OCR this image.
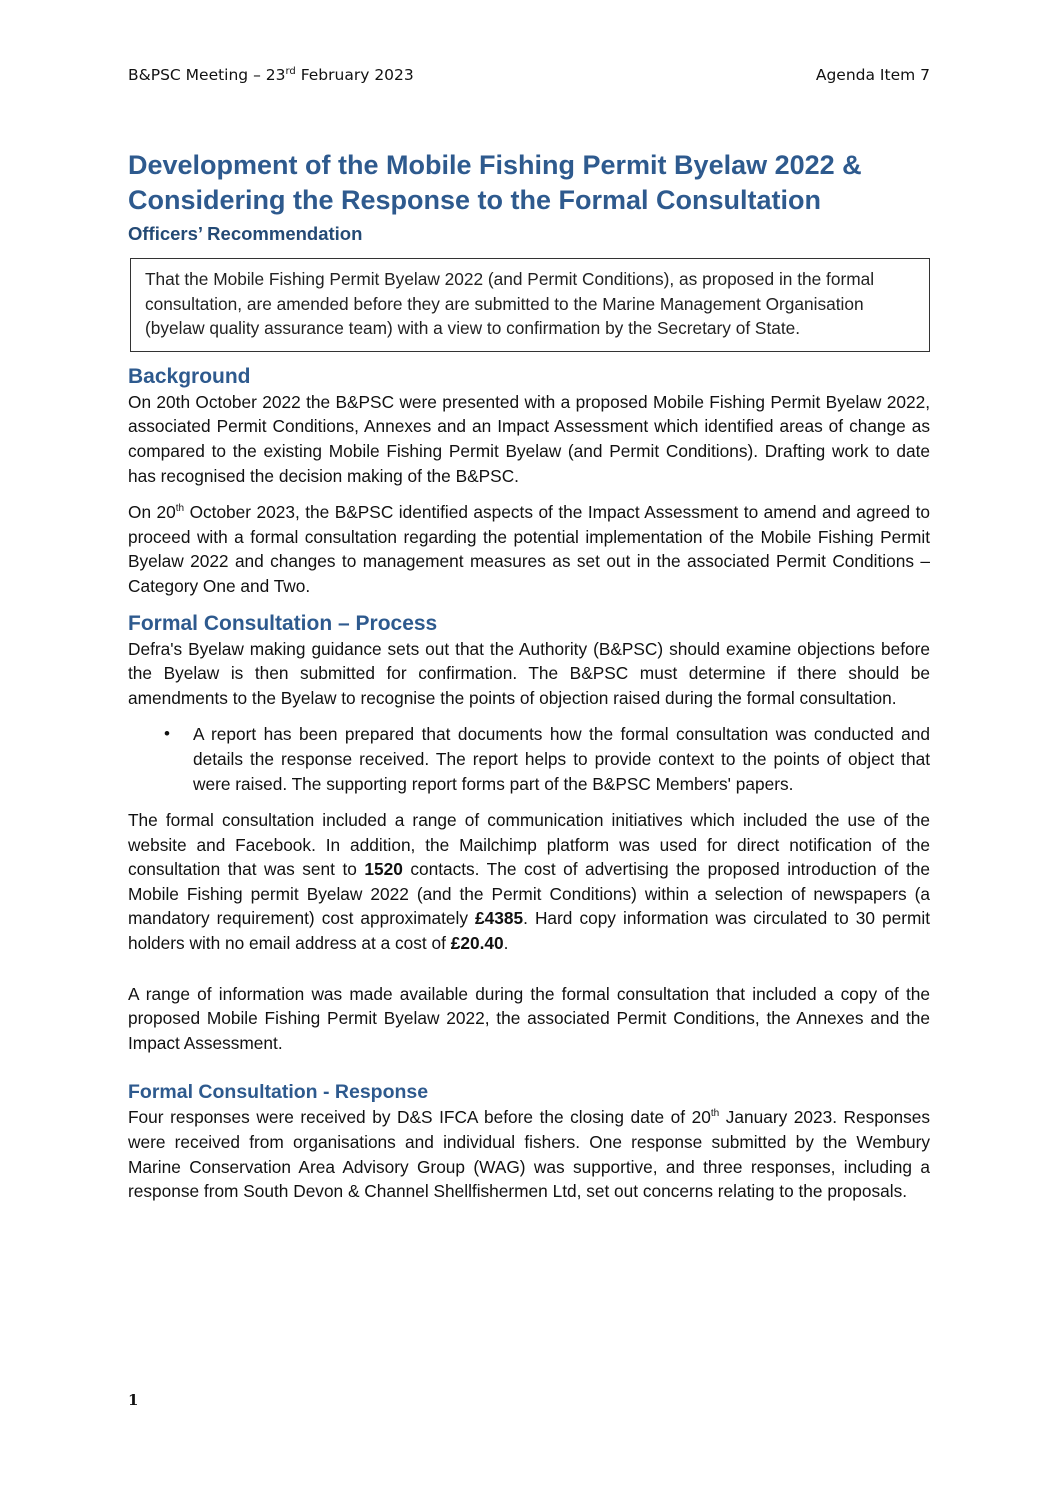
B&PSC Meeting – 23rd February 2023	Agenda Item 7
Development of the Mobile Fishing Permit Byelaw 2022 &
Considering the Response to the Formal Consultation
Officers’ Recommendation
That the Mobile Fishing Permit Byelaw 2022 (and Permit Conditions), as proposed in the formal consultation, are amended before they are submitted to the Marine Management Organisation (byelaw quality assurance team) with a view to confirmation by the Secretary of State.
Background

On 20th October 2022 the B&PSC were presented with a proposed Mobile Fishing Permit Byelaw 2022, associated Permit Conditions, Annexes and an Impact Assessment which identified areas of change as compared to the existing Mobile Fishing Permit Byelaw (and Permit Conditions). Drafting work to date has recognised the decision making of the B&PSC.

On 20th October 2023, the B&PSC identified aspects of the Impact Assessment to amend and agreed to proceed with a formal consultation regarding the potential implementation of the Mobile Fishing Permit Byelaw 2022 and changes to management measures as set out in the associated Permit Conditions – Category One and Two.

Formal Consultation – Process

Defra's Byelaw making guidance sets out that the Authority (B&PSC) should examine objections before the Byelaw is then submitted for confirmation. The B&PSC must determine if there should be amendments to the Byelaw to recognise the points of objection raised during the formal consultation.

• A report has been prepared that documents how the formal consultation was conducted and details the response received. The report helps to provide context to the points of object that were raised. The supporting report forms part of the B&PSC Members' papers.

The formal consultation included a range of communication initiatives which included the use of the website and Facebook. In addition, the Mailchimp platform was used for direct notification of the consultation that was sent to 1520 contacts. The cost of advertising the proposed introduction of the Mobile Fishing permit Byelaw 2022 (and the Permit Conditions) within a selection of newspapers (a mandatory requirement) cost approximately £4385. Hard copy information was circulated to 30 permit holders with no email address at a cost of £20.40.

A range of information was made available during the formal consultation that included a copy of the proposed Mobile Fishing Permit Byelaw 2022, the associated Permit Conditions, the Annexes and the Impact Assessment.

Formal Consultation - Response

Four responses were received by D&S IFCA before the closing date of 20th January 2023. Responses were received from organisations and individual fishers. One response submitted by the Wembury Marine Conservation Area Advisory Group (WAG) was supportive, and three responses, including a response from South Devon & Channel Shellfishermen Ltd, set out concerns relating to the proposals.

1
